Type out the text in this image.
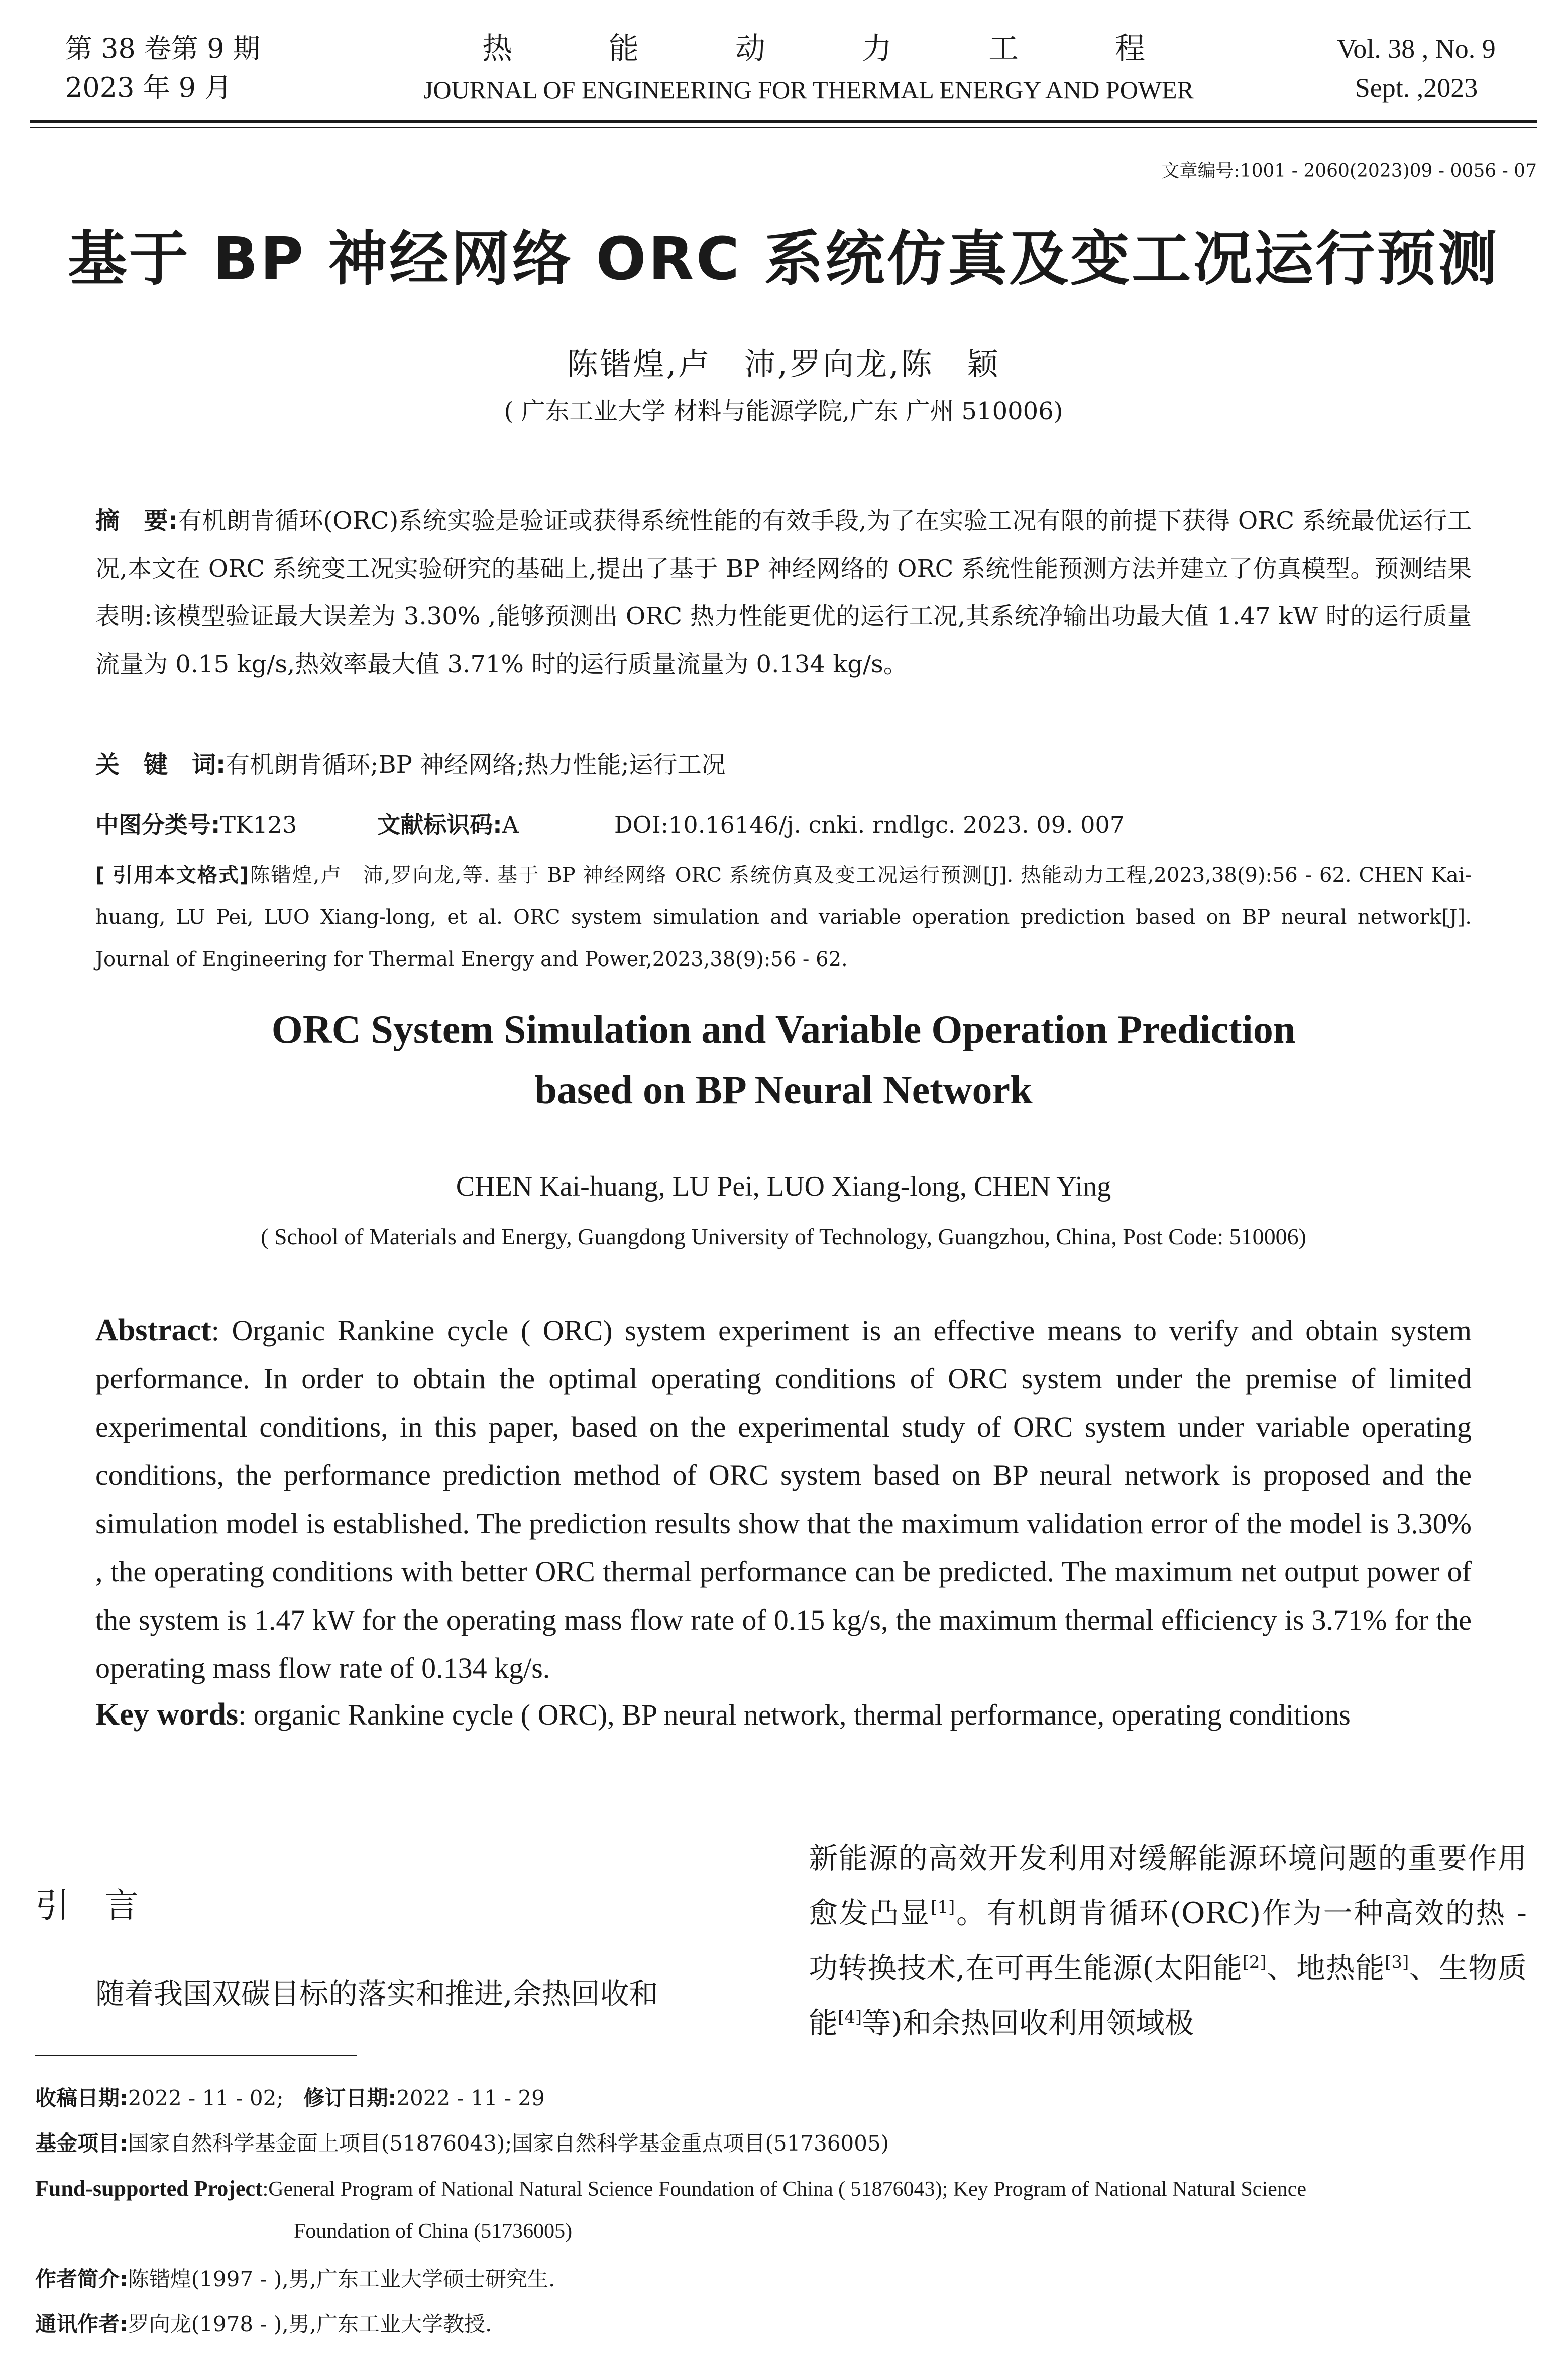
第 38 卷第 9 期
2023 年 9 月
热	能	动	力	工	程
JOURNAL OF ENGINEERING FOR THERMAL ENERGY AND POWER
Vol. 38 , No. 9
Sept. ,2023
文章编号:1001 - 2060(2023)09 - 0056 - 07
基于 BP 神经网络 ORC 系统仿真及变工况运行预测
陈锴煌,卢　沛,罗向龙,陈　颖
( 广东工业大学 材料与能源学院,广东 广州 510006)
摘　要:有机朗肯循环(ORC)系统实验是验证或获得系统性能的有效手段,为了在实验工况有限的前提下获得 ORC 系统最优运行工况,本文在 ORC 系统变工况实验研究的基础上,提出了基于 BP 神经网络的 ORC 系统性能预测方法并建立了仿真模型。预测结果表明:该模型验证最大误差为 3.30% ,能够预测出 ORC 热力性能更优的运行工况,其系统净输出功最大值 1.47 kW 时的运行质量流量为 0.15 kg/s,热效率最大值 3.71% 时的运行质量流量为 0.134 kg/s。
关　键　词:有机朗肯循环;BP 神经网络;热力性能;运行工况
中图分类号:TK123	文献标识码:A	DOI:10.16146/j. cnki. rndlgc. 2023. 09. 007
[ 引用本文格式]陈锴煌,卢　沛,罗向龙,等. 基于 BP 神经网络 ORC 系统仿真及变工况运行预测[J]. 热能动力工程,2023,38(9):56 - 62. CHEN Kai-huang, LU Pei, LUO Xiang-long, et al. ORC system simulation and variable operation prediction based on BP neural network[J]. Journal of Engineering for Thermal Energy and Power,2023,38(9):56 - 62.
ORC System Simulation and Variable Operation Prediction
based on BP Neural Network
CHEN Kai-huang, LU Pei, LUO Xiang-long, CHEN Ying
( School of Materials and Energy, Guangdong University of Technology, Guangzhou, China, Post Code: 510006)
Abstract: Organic Rankine cycle ( ORC) system experiment is an effective means to verify and obtain system performance. In order to obtain the optimal operating conditions of ORC system under the premise of limited experimental conditions, in this paper, based on the experimental study of ORC system under variable operating conditions, the performance prediction method of ORC system based on BP neural network is proposed and the simulation model is established. The prediction results show that the maximum validation error of the model is 3.30% , the operating conditions with better ORC thermal performance can be predicted. The maximum net output power of the system is 1.47 kW for the operating mass flow rate of 0.15 kg/s, the maximum thermal efficiency is 3.71% for the operating mass flow rate of 0.134 kg/s.
Key words: organic Rankine cycle ( ORC), BP neural network, thermal performance, operating conditions
引言
随着我国双碳目标的落实和推进,余热回收和
新能源的高效开发利用对缓解能源环境问题的重要作用愈发凸显[1]。有机朗肯循环(ORC)作为一种高效的热 - 功转换技术,在可再生能源(太阳能[2]、地热能[3]、生物质能[4]等)和余热回收利用领域极
收稿日期:2022 - 11 - 02; 修订日期:2022 - 11 - 29
基金项目:国家自然科学基金面上项目(51876043);国家自然科学基金重点项目(51736005)
Fund-supported Project:General Program of National Natural Science Foundation of China ( 51876043); Key Program of National Natural Science
Foundation of China (51736005)
作者简介:陈锴煌(1997 - ),男,广东工业大学硕士研究生.
通讯作者:罗向龙(1978 - ),男,广东工业大学教授.
